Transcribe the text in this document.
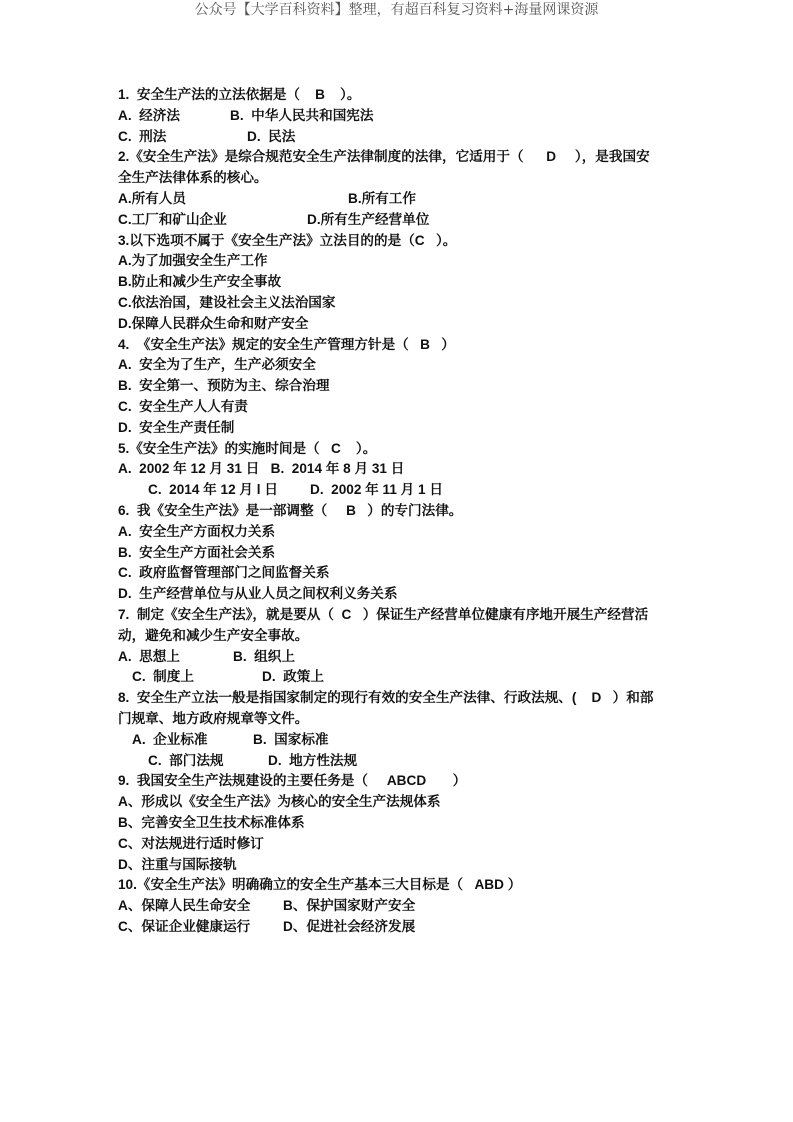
公众号【大学百科资料】整理，有超百科复习资料+海量网课资源
1.  安全生产法的立法依据是（    B    ）。
A.  经济法	B.  中华人民共和国宪法
C.  刑法	D.  民法
2.《安全生产法》是综合规范安全生产法律制度的法律，它适用于（      D     ），是我国安
全生产法律体系的核心。
A.所有人员	B.所有工作
C.工厂和矿山企业	D.所有生产经营单位
3.以下选项不属于《安全生产法》立法目的的是（C   ）。
A.为了加强安全生产工作
B.防止和减少生产安全事故
C.依法治国，建设社会主义法治国家
D.保障人民群众生命和财产安全
4.  《安全生产法》规定的安全生产管理方针是（   B   ）
A.  安全为了生产，生产必须安全
B.  安全第一、预防为主、综合治理
C.  安全生产人人有责
D.  安全生产责任制
5.《安全生产法》的实施时间是（   C    ）。
A.  2002 年 12 月 31 日   B.  2014 年 8 月 31 日
C.  2014 年 12 月 l 日 D.  2002 年 11 月 1 日
6.  我《安全生产法》是一部调整（     B   ）的专门法律。
A.  安全生产方面权力关系
B.  安全生产方面社会关系
C.  政府监督管理部门之间监督关系
D.  生产经营单位与从业人员之间权利义务关系
7.  制定《安全生产法》，就是要从（  C   ）保证生产经营单位健康有序地开展生产经营活
动，避免和减少生产安全事故。
A.  思想上	B.  组织上
C.  制度上	D.  政策上
8.  安全生产立法一般是指国家制定的现行有效的安全生产法律、行政法规、(    D   ）和部
门规章、地方政府规章等文件。
A.  企业标准	B.  国家标准
C.  部门法规	D.  地方性法规
9.  我国安全生产法规建设的主要任务是（     ABCD       ）
A、形成以《安全生产法》为核心的安全生产法规体系
B、完善安全卫生技术标准体系
C、对法规进行适时修订
D、注重与国际接轨
10.《安全生产法》明确确立的安全生产基本三大目标是（   ABD ）
A、保障人民生命安全 B、保护国家财产安全
C、保证企业健康运行 D、促进社会经济发展
